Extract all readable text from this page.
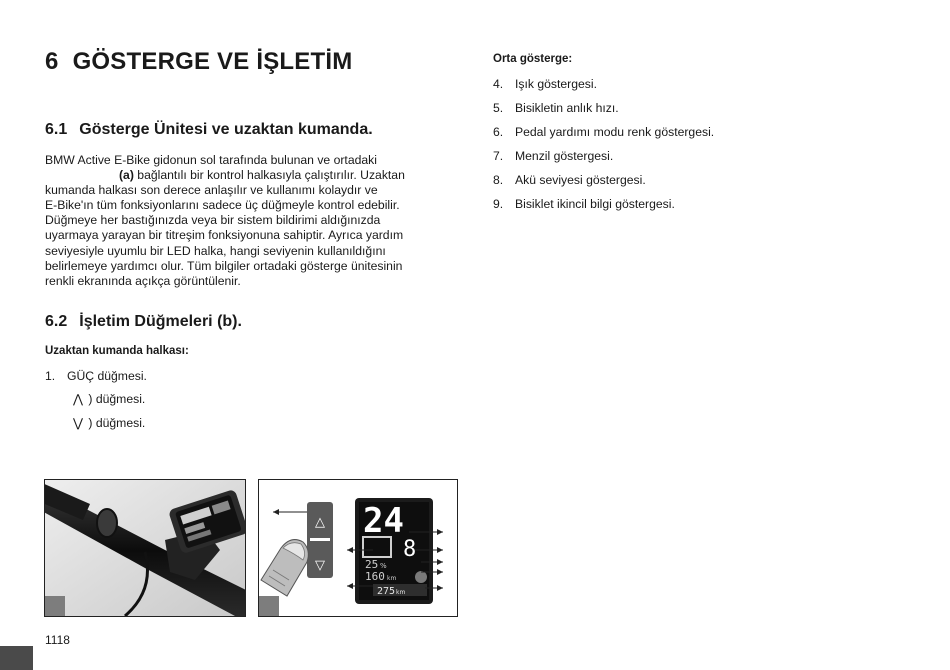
6 GÖSTERGE VE İŞLETİM
6.1 Gösterge Ünitesi ve uzaktan kumanda.

BMW Active E-Bike gidonun sol tarafında bulunan ve ortadaki
(a) bağlantılı bir kontrol halkasıyla çalıştırılır. Uzaktan
kumanda halkası son derece anlaşılır ve kullanımı kolaydır ve
E-Bike'ın tüm fonksiyonlarını sadece üç düğmeyle kontrol edebilir.
Düğmeye her bastığınızda veya bir sistem bildirimi aldığınızda
uyarmaya yarayan bir titreşim fonksiyonuna sahiptir. Ayrıca yardım
seviyesiyle uyumlu bir LED halka, hangi seviyenin kullanıldığını
belirlemeye yardımcı olur. Tüm bilgiler ortadaki gösterge ünitesinin
renkli ekranında açıkça görüntülenir.

6.2 İşletim Düğmeleri (b).

Uzaktan kumanda halkası:

1. GÜÇ düğmesi.

⋀ ) düğmesi.

⋁ ) düğmesi.

Orta gösterge:

4. Işık göstergesi.

5. Bisikletin anlık hızı.

6. Pedal yardımı modu renk göstergesi.

7. Menzil göstergesi.

8. Akü seviyesi göstergesi.

9. Bisiklet ikincil bilgi göstergesi.

△
▽
24
8
25 %
160 km
275 km
1118
